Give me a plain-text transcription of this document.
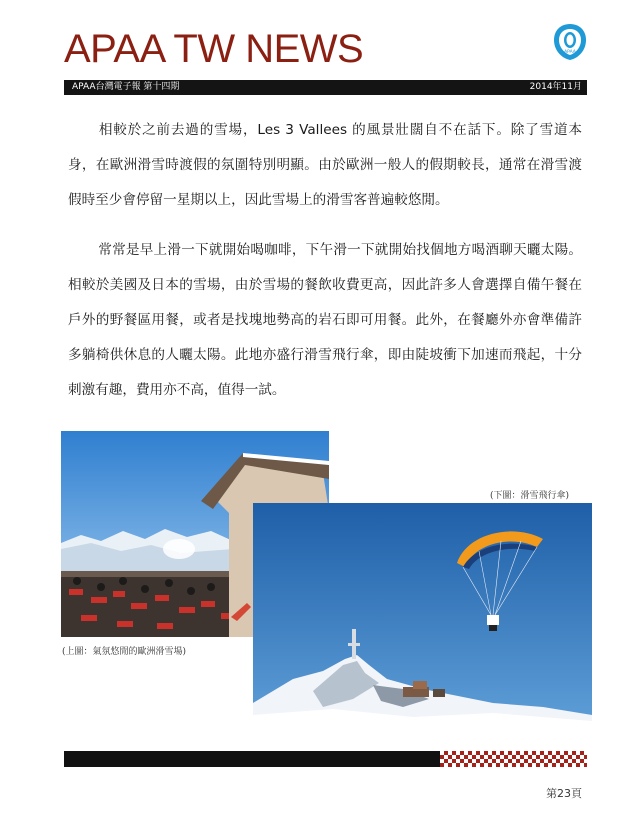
APAA TW NEWS	APAA
APAA台灣電子報 第十四期	2014年11月

相較於之前去過的雪場，Les 3 Vallees 的風景壯闊自不在話下。除了雪道本身，在歐洲滑雪時渡假的氛圍特別明顯。由於歐洲一般人的假期較長，通常在滑雪渡假時至少會停留一星期以上，因此雪場上的滑雪客普遍較悠閒。

常常是早上滑一下就開始喝咖啡，下午滑一下就開始找個地方喝酒聊天曬太陽。相較於美國及日本的雪場，由於雪場的餐飲收費更高，因此許多人會選擇自備午餐在戶外的野餐區用餐，或者是找塊地勢高的岩石即可用餐。此外，在餐廳外亦會準備許多躺椅供休息的人曬太陽。此地亦盛行滑雪飛行傘，即由陡坡衝下加速而飛起，十分刺激有趣，費用亦不高，值得一試。

(上圖：氣氛悠閒的歐洲滑雪場)
(下圖：滑雪飛行傘)
第23頁
